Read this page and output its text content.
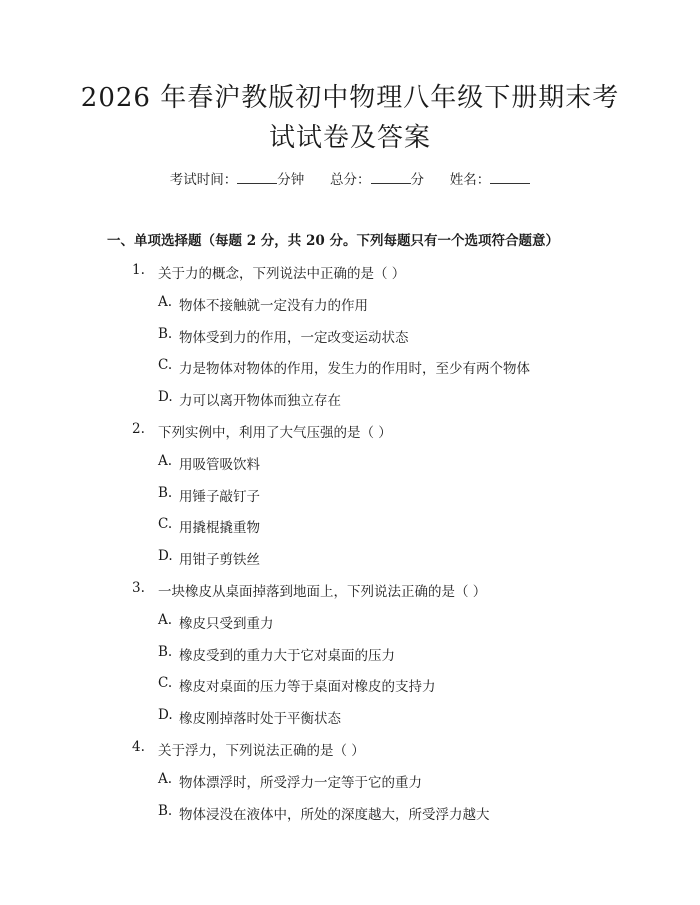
2026 年春沪教版初中物理八年级下册期末考
试试卷及答案
考试时间：	分钟 总分：	分 姓名：
一、单项选择题（每题 2 分，共 20 分。下列每题只有一个选项符合题意）
1. 关于力的概念，下列说法中正确的是（ ）
A. 物体不接触就一定没有力的作用
B. 物体受到力的作用，一定改变运动状态
C. 力是物体对物体的作用，发生力的作用时，至少有两个物体
D. 力可以离开物体而独立存在
2. 下列实例中，利用了大气压强的是（ ）
A. 用吸管吸饮料
B. 用锤子敲钉子
C. 用撬棍撬重物
D. 用钳子剪铁丝
3. 一块橡皮从桌面掉落到地面上，下列说法正确的是（ ）
A. 橡皮只受到重力
B. 橡皮受到的重力大于它对桌面的压力
C. 橡皮对桌面的压力等于桌面对橡皮的支持力
D. 橡皮刚掉落时处于平衡状态
4. 关于浮力，下列说法正确的是（ ）
A. 物体漂浮时，所受浮力一定等于它的重力
B. 物体浸没在液体中，所处的深度越大，所受浮力越大
